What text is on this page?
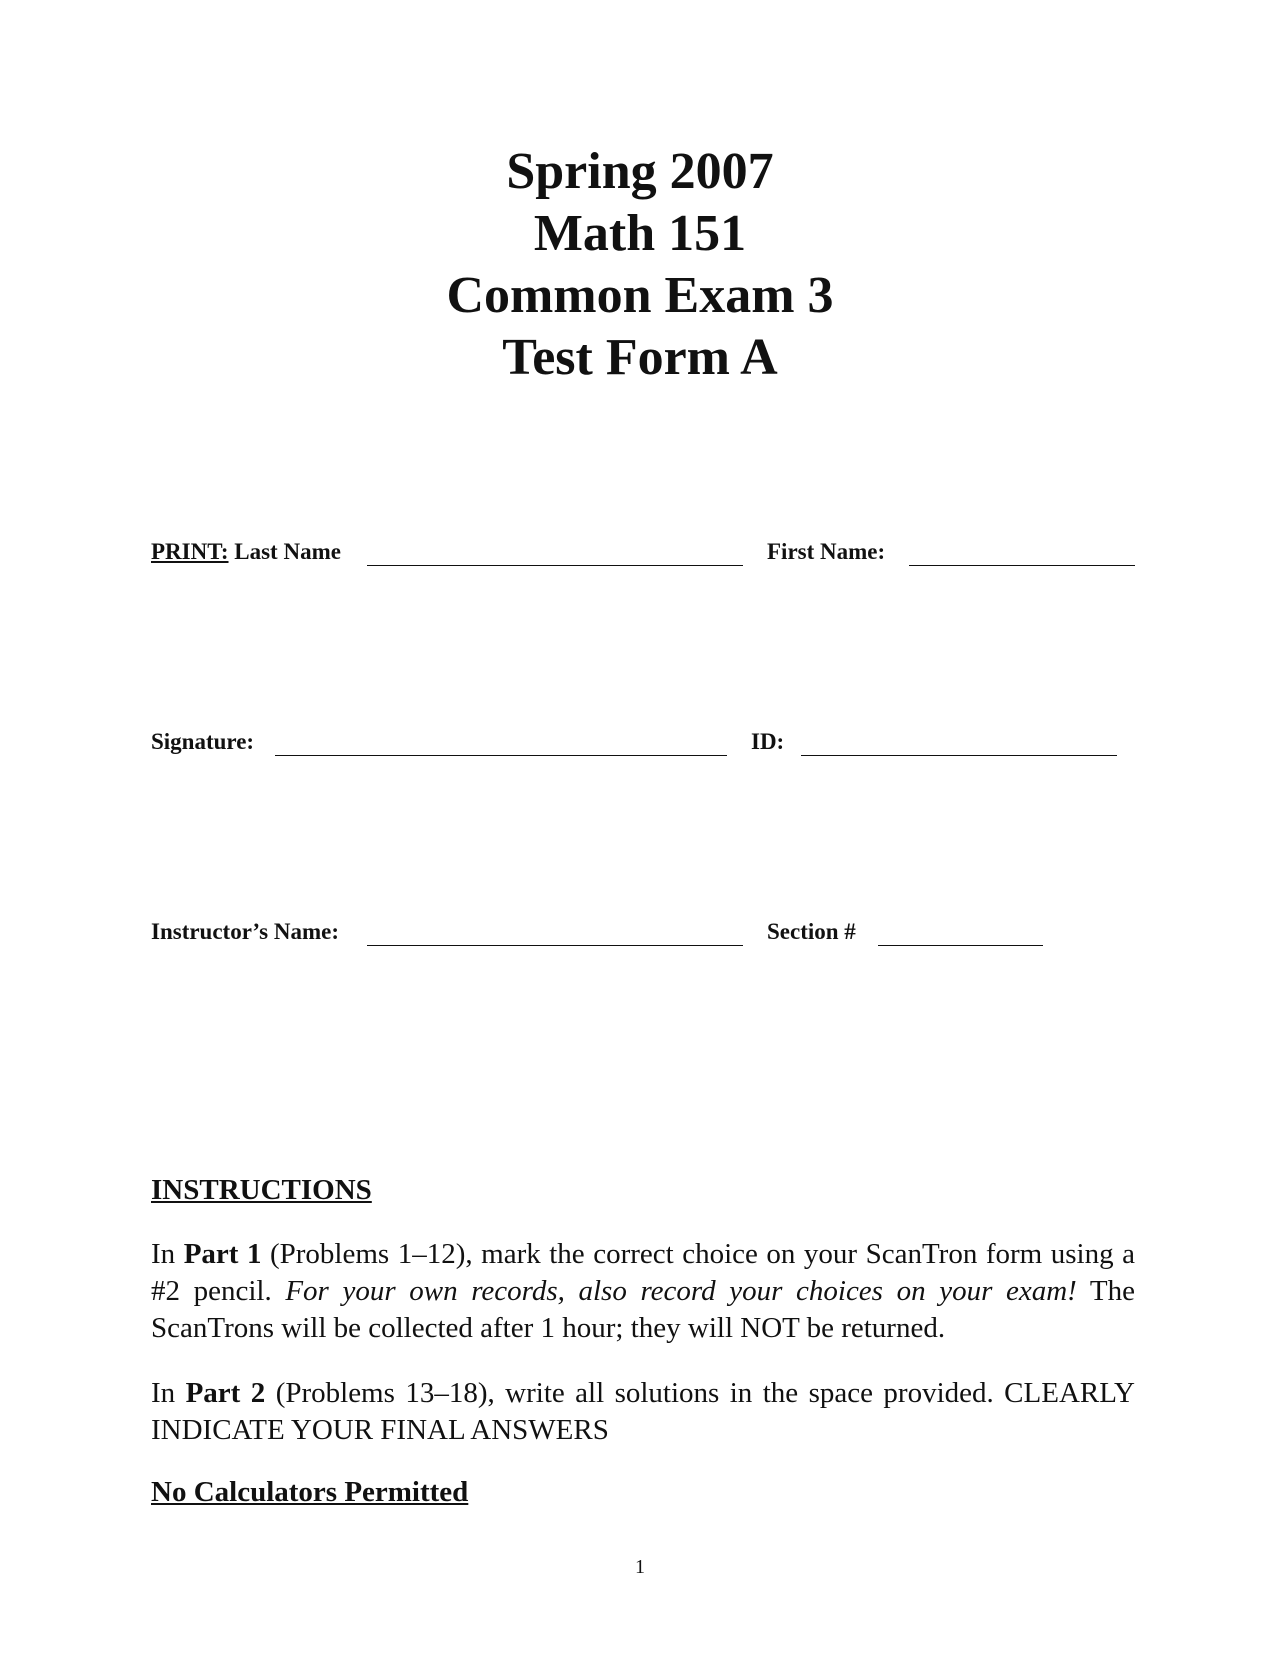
Spring 2007
Math 151
Common Exam 3
Test Form A
PRINT: Last Name	First Name:
Signature:	ID:
Instructor’s Name:	Section #
INSTRUCTIONS
In Part 1 (Problems 1–12), mark the correct choice on your ScanTron form using a #2 pencil. For your own records, also record your choices on your exam! The ScanTrons will be collected after 1 hour; they will NOT be returned.
In Part 2 (Problems 13–18), write all solutions in the space provided. CLEARLY INDICATE YOUR FINAL ANSWERS
No Calculators Permitted
1
